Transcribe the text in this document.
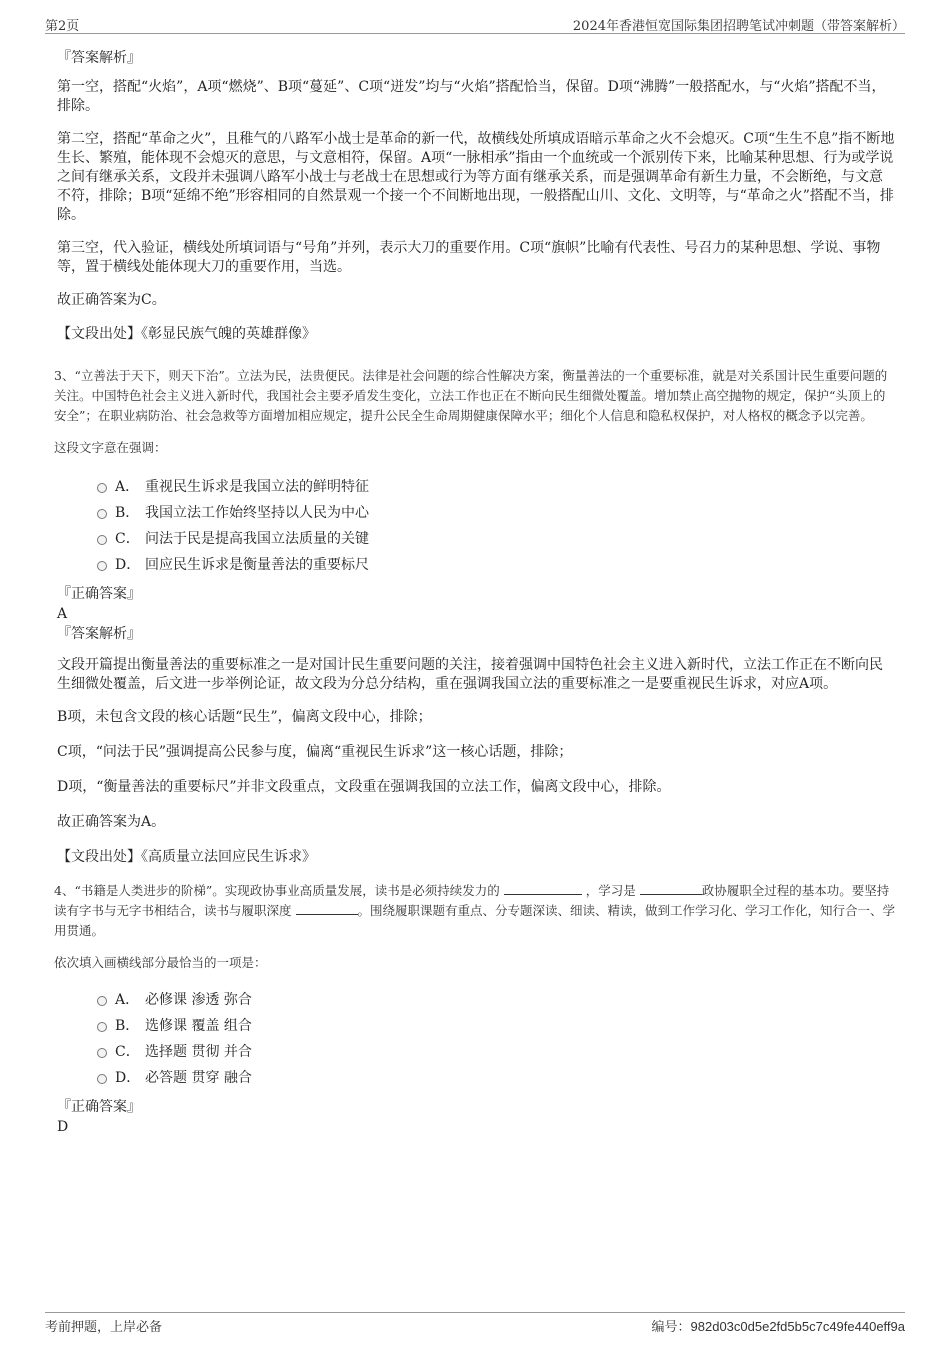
第2页	2024年香港恒宽国际集团招聘笔试冲刺题（带答案解析）
『答案解析』

第一空，搭配“火焰”，A项“燃烧”、B项“蔓延”、C项“迸发”均与“火焰”搭配恰当，保留。D项“沸腾”一般搭配水，与“火焰”搭配不当，排除。

第二空，搭配“革命之火”，且稚气的八路军小战士是革命的新一代，故横线处所填成语暗示革命之火不会熄灭。C项“生生不息”指不断地生长、繁殖，能体现不会熄灭的意思，与文意相符，保留。A项“一脉相承”指由一个血统或一个派别传下来，比喻某种思想、行为或学说之间有继承关系，文段并未强调八路军小战士与老战士在思想或行为等方面有继承关系，而是强调革命有新生力量，不会断绝，与文意不符，排除；B项“延绵不绝”形容相同的自然景观一个接一个不间断地出现，一般搭配山川、文化、文明等，与“革命之火”搭配不当，排除。

第三空，代入验证，横线处所填词语与“号角”并列，表示大刀的重要作用。C项“旗帜”比喻有代表性、号召力的某种思想、学说、事物等，置于横线处能体现大刀的重要作用，当选。

故正确答案为C。

【文段出处】《彰显民族气魄的英雄群像》

3、“立善法于天下，则天下治”。立法为民，法贵便民。法律是社会问题的综合性解决方案，衡量善法的一个重要标准，就是对关系国计民生重要问题的关注。中国特色社会主义进入新时代，我国社会主要矛盾发生变化，立法工作也正在不断向民生细微处覆盖。增加禁止高空抛物的规定，保护“头顶上的安全”；在职业病防治、社会急救等方面增加相应规定，提升公民全生命周期健康保障水平；细化个人信息和隐私权保护，对人格权的概念予以完善。

这段文字意在强调：

A． 重视民生诉求是我国立法的鲜明特征
B． 我国立法工作始终坚持以人民为中心
C． 问法于民是提高我国立法质量的关键
D． 回应民生诉求是衡量善法的重要标尺
『正确答案』
A
『答案解析』

文段开篇提出衡量善法的重要标准之一是对国计民生重要问题的关注，接着强调中国特色社会主义进入新时代，立法工作正在不断向民生细微处覆盖，后文进一步举例论证，故文段为分总分结构，重在强调我国立法的重要标准之一是要重视民生诉求，对应A项。

B项，未包含文段的核心话题“民生”，偏离文段中心，排除；

C项，“问法于民”强调提高公民参与度，偏离“重视民生诉求”这一核心话题，排除；

D项，“衡量善法的重要标尺”并非文段重点，文段重在强调我国的立法工作，偏离文段中心，排除。

故正确答案为A。

【文段出处】《高质量立法回应民生诉求》

4、“书籍是人类进步的阶梯”。实现政协事业高质量发展，读书是必须持续发力的	，学习是	政协履职全过程的基本功。要坚持读有字书与无字书相结合，读书与履职深度	。围绕履职课题有重点、分专题深读、细读、精读，做到工作学习化、学习工作化，知行合一、学用贯通。

依次填入画横线部分最恰当的一项是：

A． 必修课 渗透 弥合
B． 选修课 覆盖 组合
C． 选择题 贯彻 并合
D． 必答题 贯穿 融合
『正确答案』
D
考前押题，上岸必备	编号：982d03c0d5e2fd5b5c7c49fe440eff9a
